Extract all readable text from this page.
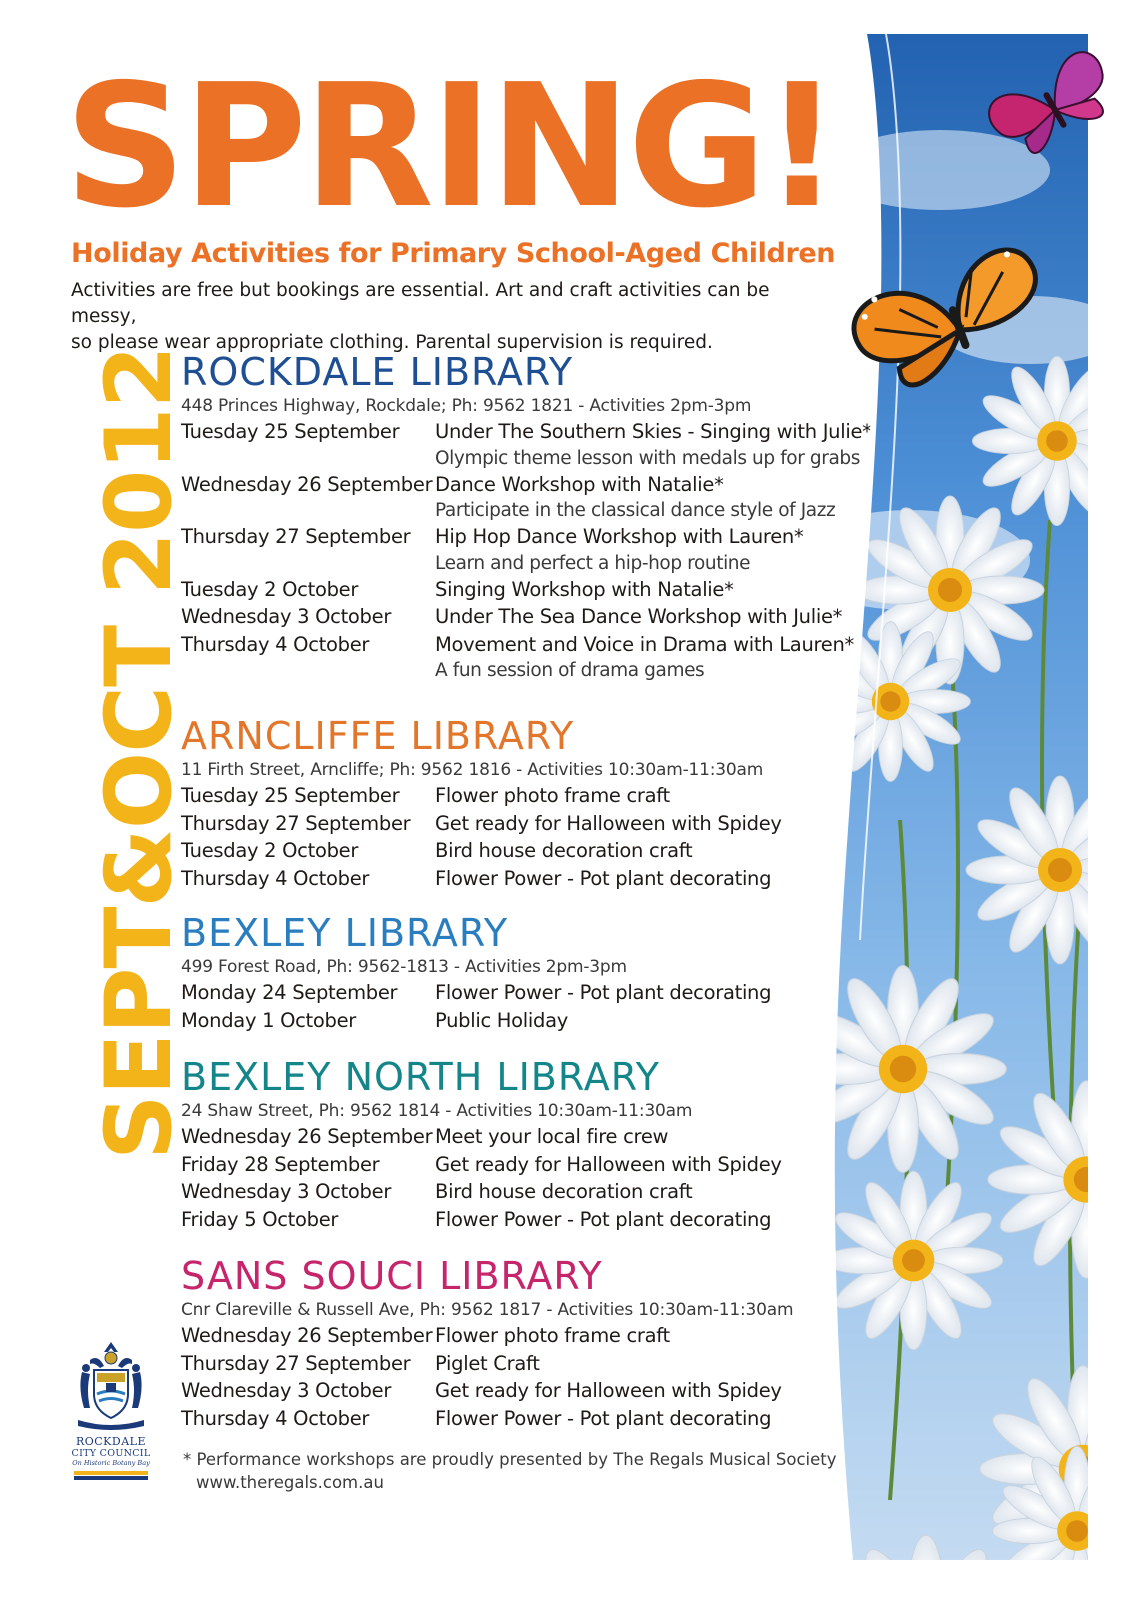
SPRING!
Holiday Activities for Primary School-Aged Children

Activities are free but bookings are essential. Art and craft activities can be messy,

so please wear appropriate clothing. Parental supervision is required.

SEPT&OCT 2012
ROCKDALE LIBRARY
448 Princes Highway, Rockdale; Ph: 9562 1821 - Activities 2pm-3pm
Tuesday 25 September	Under The Southern Skies - Singing with Julie*
Olympic theme lesson with medals up for grabs
Wednesday 26 September Dance Workshop with Natalie*
Participate in the classical dance style of Jazz
Thursday 27 September	Hip Hop Dance Workshop with Lauren*
Learn and perfect a hip-hop routine
Tuesday 2 October	Singing Workshop with Natalie*
Wednesday 3 October	Under The Sea Dance Workshop with Julie*
Thursday 4 October	Movement and Voice in Drama with Lauren*
A fun session of drama games
ARNCLIFFE LIBRARY
11 Firth Street, Arncliffe; Ph: 9562 1816 - Activities 10:30am-11:30am
Tuesday 25 September	Flower photo frame craft
Thursday 27 September	Get ready for Halloween with Spidey
Tuesday 2 October	Bird house decoration craft
Thursday 4 October	Flower Power - Pot plant decorating
BEXLEY LIBRARY
499 Forest Road, Ph: 9562-1813 - Activities 2pm-3pm
Monday 24 September	Flower Power - Pot plant decorating
Monday 1 October	Public Holiday
BEXLEY NORTH LIBRARY
24 Shaw Street, Ph: 9562 1814 - Activities 10:30am-11:30am
Wednesday 26 September Meet your local fire crew
Friday 28 September	Get ready for Halloween with Spidey
Wednesday 3 October	Bird house decoration craft
Friday 5 October	Flower Power - Pot plant decorating
SANS SOUCI LIBRARY
Cnr Clareville & Russell Ave, Ph: 9562 1817 - Activities 10:30am-11:30am
Wednesday 26 September Flower photo frame craft
Thursday 27 September	Piglet Craft
Wednesday 3 October	Get ready for Halloween with Spidey
Thursday 4 October	Flower Power - Pot plant decorating
* Performance workshops are proudly presented by The Regals Musical Society
www.theregals.com.au
ROCKDALE
CITY COUNCIL
On Historic Botany Bay
